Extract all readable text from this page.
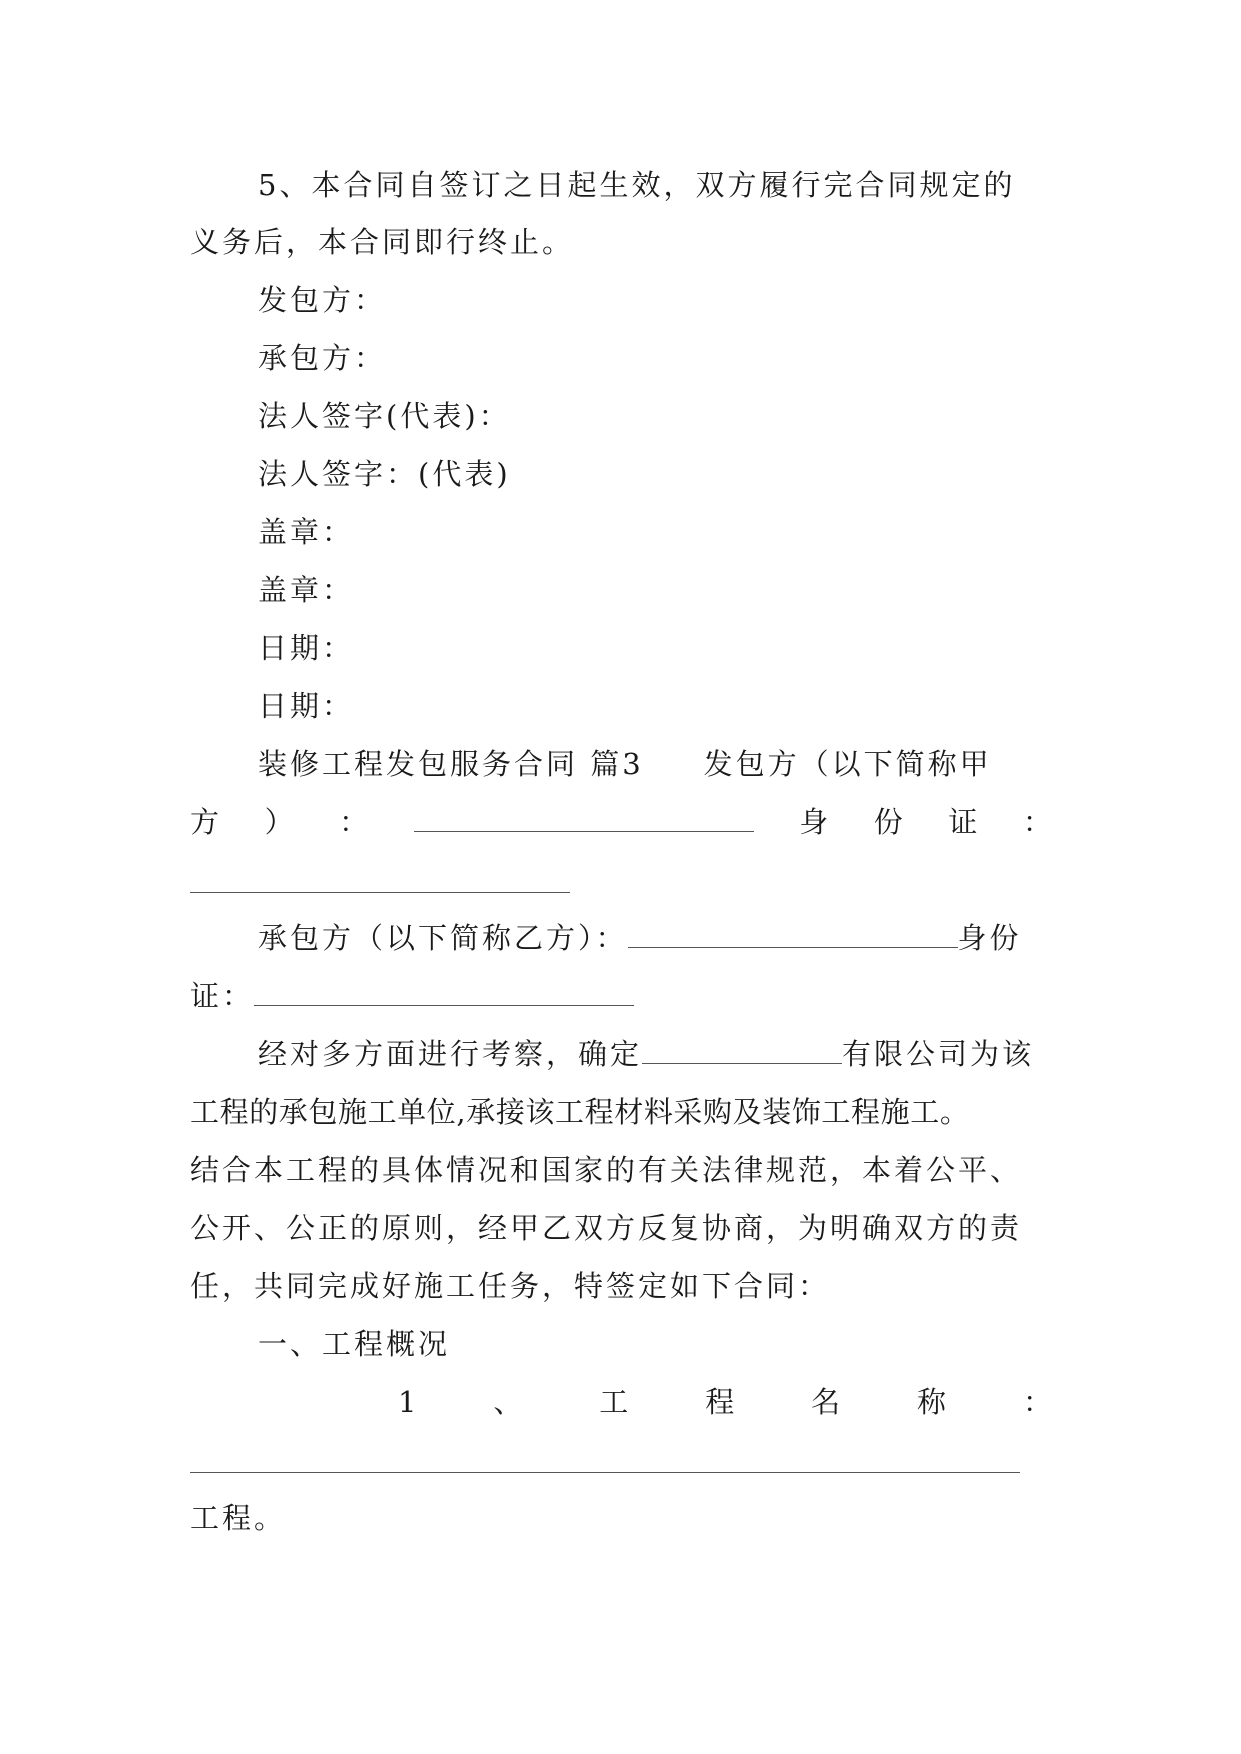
5、本合同自签订之日起生效，双方履行完合同规定的
义务后，本合同即行终止。
发包方：
承包方：
法人签字(代表)：
法人签字：(代表)
盖章：
盖章：
日期：
日期：
装修工程发包服务合同 篇3 发包方（以下简称甲
方 ） ：	身 份 证 ：
承包方（以下简称乙方）：	身份
证：
经对多方面进行考察，确定	有限公司为该
工程的承包施工单位,承接该工程材料采购及装饰工程施工。
结合本工程的具体情况和国家的有关法律规范，本着公平、
公开、公正的原则，经甲乙双方反复协商，为明确双方的责
任，共同完成好施工任务，特签定如下合同：
一、工程概况
1	、	工	程	名	称	：
工程。
